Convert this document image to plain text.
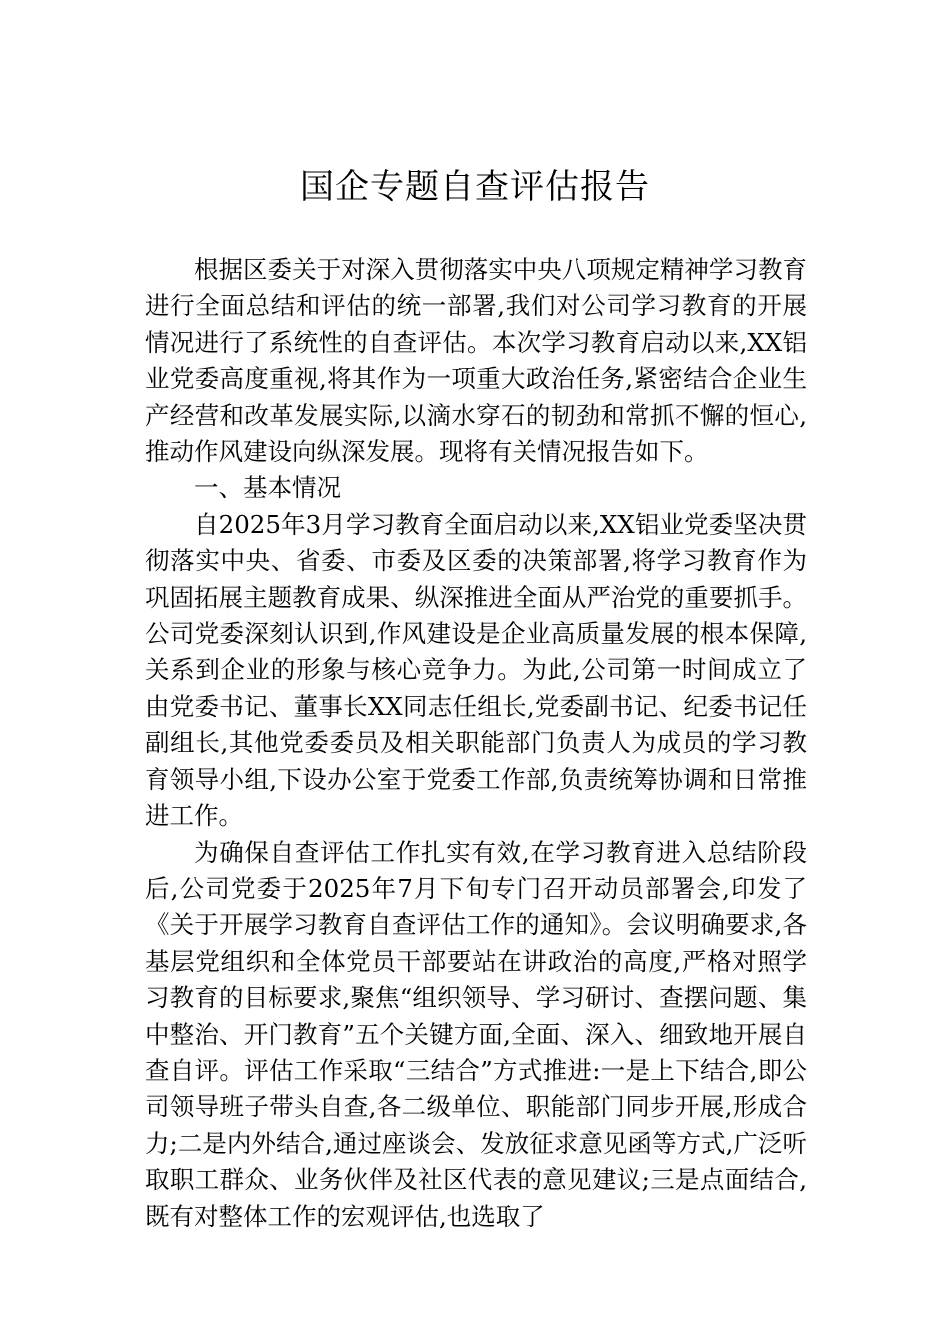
国企专题自查评估报告

根据区委关于对深入贯彻落实中央八项规定精神学习教育进行全面总结和评估的统一部署,我们对公司学习教育的开展情况进行了系统性的自查评估。本次学习教育启动以来,XX铝业党委高度重视,将其作为一项重大政治任务,紧密结合企业生产经营和改革发展实际,以滴水穿石的韧劲和常抓不懈的恒心,推动作风建设向纵深发展。现将有关情况报告如下。

一、基本情况

自2025年3月学习教育全面启动以来,XX铝业党委坚决贯彻落实中央、省委、市委及区委的决策部署,将学习教育作为巩固拓展主题教育成果、纵深推进全面从严治党的重要抓手。公司党委深刻认识到,作风建设是企业高质量发展的根本保障,关系到企业的形象与核心竞争力。为此,公司第一时间成立了由党委书记、董事长XX同志任组长,党委副书记、纪委书记任副组长,其他党委委员及相关职能部门负责人为成员的学习教育领导小组,下设办公室于党委工作部,负责统筹协调和日常推进工作。

为确保自查评估工作扎实有效,在学习教育进入总结阶段后,公司党委于2025年7月下旬专门召开动员部署会,印发了《关于开展学习教育自查评估工作的通知》。会议明确要求,各基层党组织和全体党员干部要站在讲政治的高度,严格对照学习教育的目标要求,聚焦“组织领导、学习研讨、查摆问题、集中整治、开门教育”五个关键方面,全面、深入、细致地开展自查自评。评估工作采取“三结合”方式推进:一是上下结合,即公司领导班子带头自查,各二级单位、职能部门同步开展,形成合力;二是内外结合,通过座谈会、发放征求意见函等方式,广泛听取职工群众、业务伙伴及社区代表的意见建议;三是点面结合,既有对整体工作的宏观评估,也选取了
